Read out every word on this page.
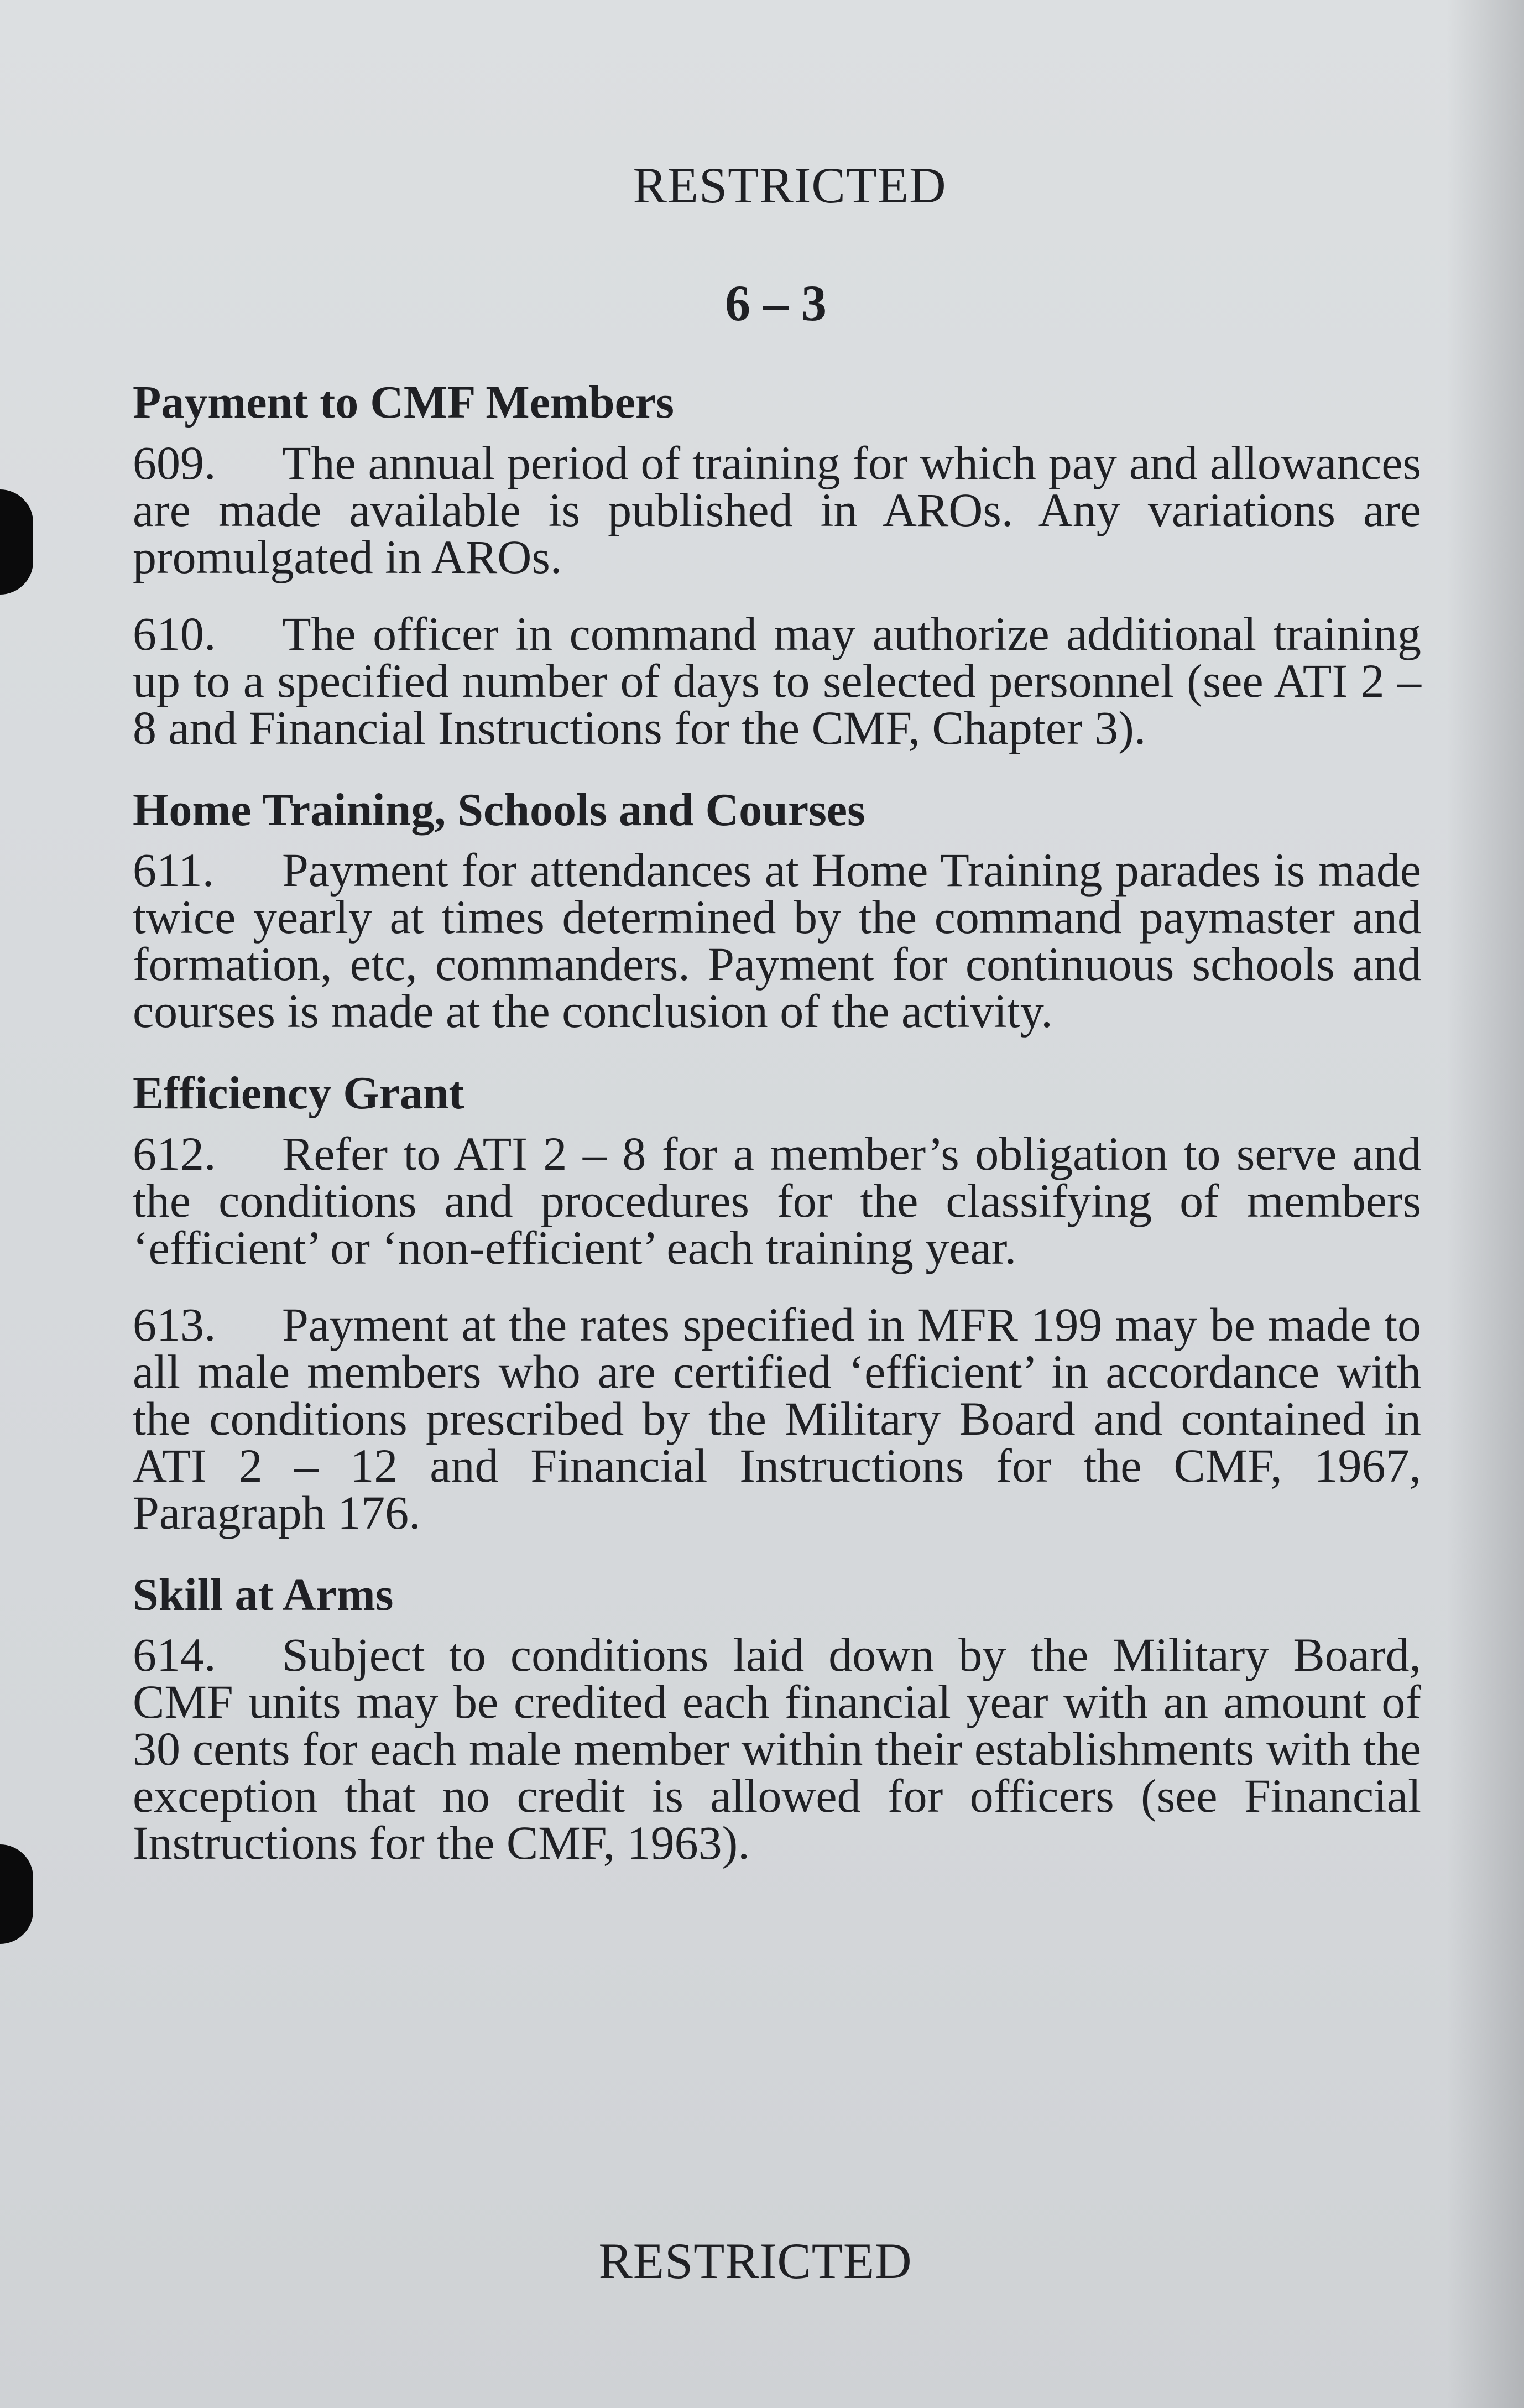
RESTRICTED
6 – 3
Payment to CMF Members

609. The annual period of training for which pay and allowances are made available is published in AROs. Any variations are promulgated in AROs.

610. The officer in command may authorize additional training up to a specified number of days to selected personnel (see ATI 2 – 8 and Financial Instructions for the CMF, Chapter 3).

Home Training, Schools and Courses

611. Payment for attendances at Home Training parades is made twice yearly at times determined by the command paymaster and formation, etc, commanders. Payment for continuous schools and courses is made at the conclusion of the activity.

Efficiency Grant

612. Refer to ATI 2 – 8 for a member’s obligation to serve and the conditions and procedures for the classifying of members ‘efficient’ or ‘non-efficient’ each training year.

613. Payment at the rates specified in MFR 199 may be made to all male members who are certified ‘efficient’ in accordance with the conditions prescribed by the Military Board and contained in ATI 2 – 12 and Financial Instructions for the CMF, 1967, Paragraph 176.

Skill at Arms

614. Subject to conditions laid down by the Military Board, CMF units may be credited each financial year with an amount of 30 cents for each male member within their establishments with the exception that no credit is allowed for officers (see Financial Instructions for the CMF, 1963).

RESTRICTED
